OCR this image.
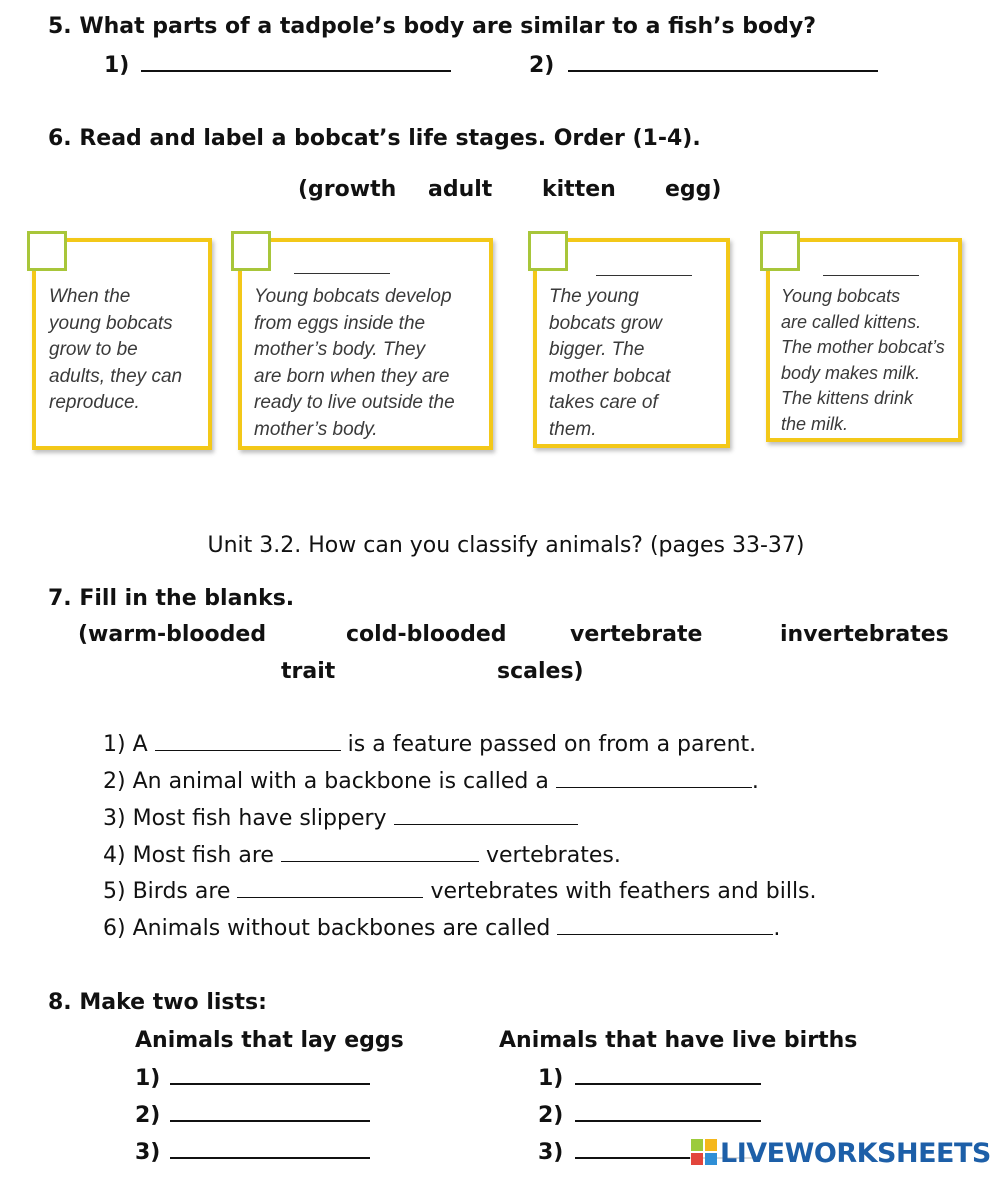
5. What parts of a tadpole’s body are similar to a fish’s body?
1)	2)
6. Read and label a bobcat’s life stages. Order (1-4).
(growth adult kitten egg)
When the
young bobcats
grow to be
adults, they can
reproduce.
Young bobcats develop
from eggs inside the
mother’s body. They
are born when they are
ready to live outside the
mother’s body.
The young
bobcats grow
bigger. The
mother bobcat
takes care of
them.
Young bobcats
are called kittens.
The mother bobcat’s
body makes milk.
The kittens drink
the milk.
Unit 3.2. How can you classify animals? (pages 33-37)
7. Fill in the blanks.
(warm-blooded	cold-blooded	vertebrate	invertebrates
trait	scales)
1) A	is a feature passed on from a parent.
2) An animal with a backbone is called a	.
3) Most fish have slippery
4) Most fish are	vertebrates.
5) Birds are	vertebrates with feathers and bills.
6) Animals without backbones are called	.
8. Make two lists:
Animals that lay eggs	Animals that have live births
1)
2)
3)
1)
2)
3)	LIVEWORKSHEETS
